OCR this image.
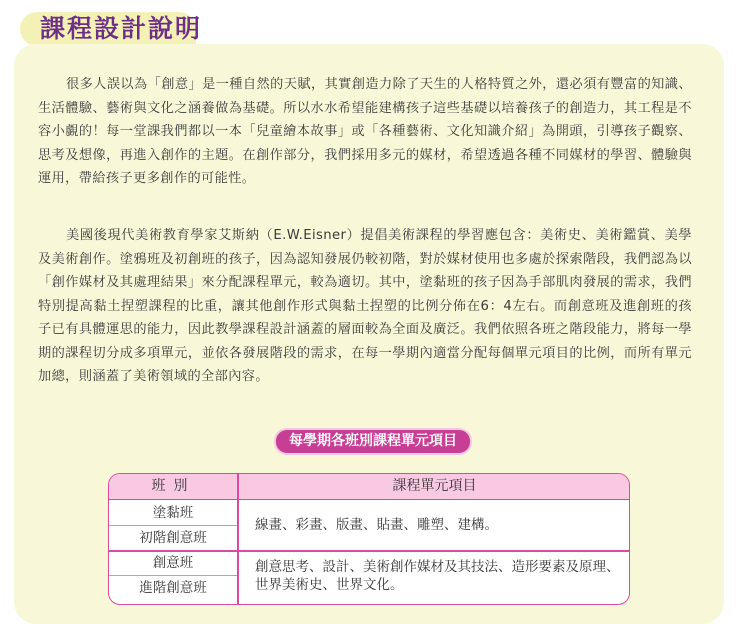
課程設計說明

很多人誤以為「創意」是一種自然的天賦，其實創造力除了天生的人格特質之外，還必須有豐富的知識、生活體驗、藝術與文化之涵養做為基礎。所以水水希望能建構孩子這些基礎以培養孩子的創造力，其工程是不容小覷的！每一堂課我們都以一本「兒童繪本故事」或「各種藝術、文化知識介紹」為開頭，引導孩子觀察、思考及想像，再進入創作的主題。在創作部分，我們採用多元的媒材，希望透過各種不同媒材的學習、體驗與運用，帶給孩子更多創作的可能性。

美國後現代美術教育學家艾斯納（E.W.Eisner）提倡美術課程的學習應包含：美術史、美術鑑賞、美學及美術創作。塗鴉班及初創班的孩子，因為認知發展仍較初階，對於媒材使用也多處於探索階段，我們認為以「創作媒材及其處理結果」來分配課程單元，較為適切。其中，塗黏班的孩子因為手部肌肉發展的需求，我們特別提高黏土捏塑課程的比重，讓其他創作形式與黏土捏塑的比例分佈在6：4左右。而創意班及進創班的孩子已有具體運思的能力，因此教學課程設計涵蓋的層面較為全面及廣泛。我們依照各班之階段能力，將每一學期的課程切分成多項單元，並依各發展階段的需求，在每一學期內適當分配每個單元項目的比例，而所有單元加總，則涵蓋了美術領域的全部內容。

每學期各班別課程單元項目
班別	課程單元項目
塗黏班
初階創意班
線畫、彩畫、版畫、貼畫、雕塑、建構。
創意班
進階創意班
創意思考、設計、美術創作媒材及其技法、造形要素及原理、世界美術史、世界文化。
